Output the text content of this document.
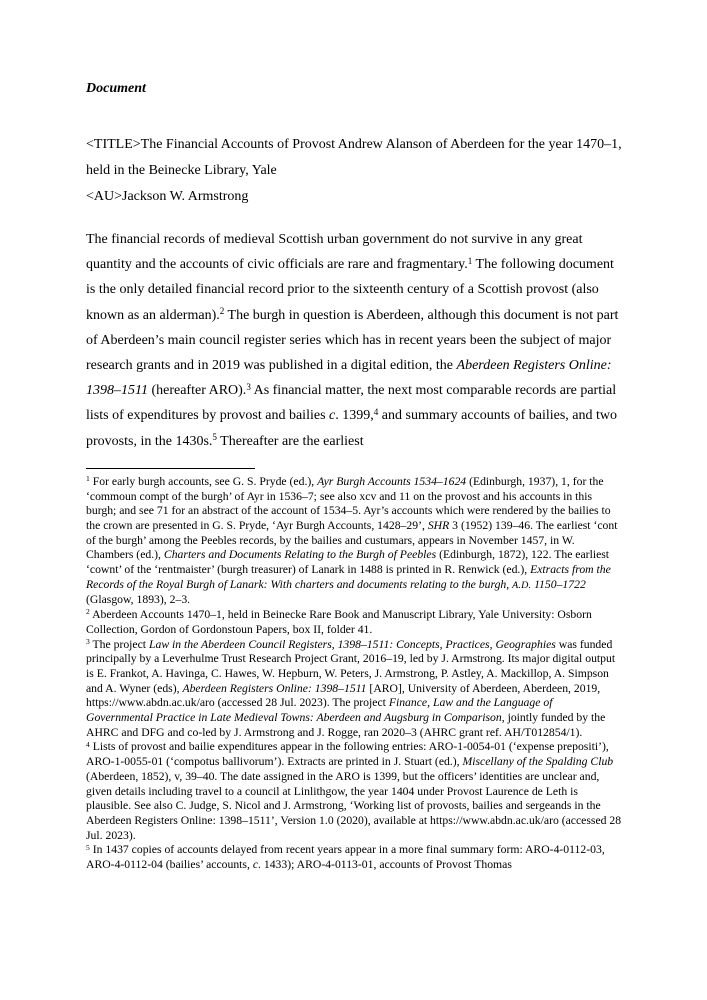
Document

<TITLE>The Financial Accounts of Provost Andrew Alanson of Aberdeen for the year 1470–1, held in the Beinecke Library, Yale

<AU>Jackson W. Armstrong

The financial records of medieval Scottish urban government do not survive in any great quantity and the accounts of civic officials are rare and fragmentary.$^1$ The following document is the only detailed financial record prior to the sixteenth century of a Scottish provost (also known as an alderman).$^2$ The burgh in question is Aberdeen, although this document is not part of Aberdeen’s main council register series which has in recent years been the subject of major research grants and in 2019 was published in a digital edition, the Aberdeen Registers Online: 1398–1511 (hereafter ARO).$^3$ As financial matter, the next most comparable records are partial lists of expenditures by provost and bailies c. 1399,$^4$ and summary accounts of bailies, and two provosts, in the 1430s.$^5$ Thereafter are the earliest

$^1$ For early burgh accounts, see G. S. Pryde (ed.), Ayr Burgh Accounts 1534–1624 (Edinburgh, 1937), 1, for the ‘commoun compt of the burgh’ of Ayr in 1536–7; see also xcv and 11 on the provost and his accounts in this burgh; and see 71 for an abstract of the account of 1534–5. Ayr’s accounts which were rendered by the bailies to the crown are presented in G. S. Pryde, ‘Ayr Burgh Accounts, 1428–29’, SHR 3 (1952) 139–46. The earliest ‘cont of the burgh’ among the Peebles records, by the bailies and custumars, appears in November 1457, in W. Chambers (ed.), Charters and Documents Relating to the Burgh of Peebles (Edinburgh, 1872), 122. The earliest ‘cownt’ of the ‘rentmaister’ (burgh treasurer) of Lanark in 1488 is printed in R. Renwick (ed.), Extracts from the Records of the Royal Burgh of Lanark: With charters and documents relating to the burgh, A.D. 1150–1722 (Glasgow, 1893), 2–3.

$^2$ Aberdeen Accounts 1470–1, held in Beinecke Rare Book and Manuscript Library, Yale University: Osborn Collection, Gordon of Gordonstoun Papers, box II, folder 41.

$^3$ The project Law in the Aberdeen Council Registers, 1398–1511: Concepts, Practices, Geographies was funded principally by a Leverhulme Trust Research Project Grant, 2016–19, led by J. Armstrong. Its major digital output is E. Frankot, A. Havinga, C. Hawes, W. Hepburn, W. Peters, J. Armstrong, P. Astley, A. Mackillop, A. Simpson and A. Wyner (eds), Aberdeen Registers Online: 1398–1511 [ARO], University of Aberdeen, Aberdeen, 2019, https://www.abdn.ac.uk/aro (accessed 28 Jul. 2023). The project Finance, Law and the Language of Governmental Practice in Late Medieval Towns: Aberdeen and Augsburg in Comparison, jointly funded by the AHRC and DFG and co-led by J. Armstrong and J. Rogge, ran 2020–3 (AHRC grant ref. AH/T012854/1).

$^4$ Lists of provost and bailie expenditures appear in the following entries: ARO-1-0054-01 (‘expense prepositi’), ARO-1-0055-01 (‘compotus ballivorum’). Extracts are printed in J. Stuart (ed.), Miscellany of the Spalding Club (Aberdeen, 1852), v, 39–40. The date assigned in the ARO is 1399, but the officers’ identities are unclear and, given details including travel to a council at Linlithgow, the year 1404 under Provost Laurence de Leth is plausible. See also C. Judge, S. Nicol and J. Armstrong, ‘Working list of provosts, bailies and sergeands in the Aberdeen Registers Online: 1398–1511’, Version 1.0 (2020), available at https://www.abdn.ac.uk/aro (accessed 28 Jul. 2023).

$^5$ In 1437 copies of accounts delayed from recent years appear in a more final summary form: ARO-4-0112-03, ARO-4-0112-04 (bailies’ accounts, c. 1433); ARO-4-0113-01, accounts of Provost Thomas
